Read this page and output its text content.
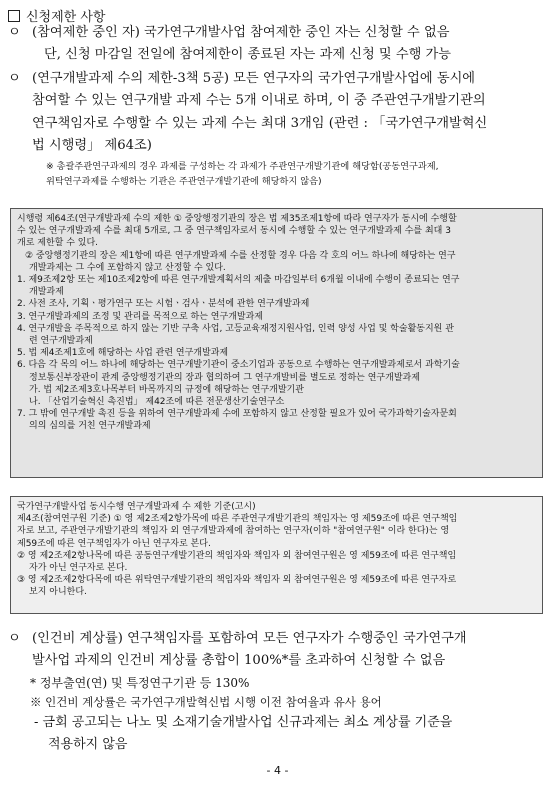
신청제한 사항
ㅇ (참여제한 중인 자) 국가연구개발사업 참여제한 중인 자는 신청할 수 없음

단, 신청 마감일 전일에 참여제한이 종료된 자는 과제 신청 및 수행 가능

ㅇ (연구개발과제 수의 제한-3책 5공) 모든 연구자의 국가연구개발사업에 동시에

참여할 수 있는 연구개발 과제 수는 5개 이내로 하며, 이 중 주관연구개발기관의

연구책임자로 수행할 수 있는 과제 수는 최대 3개임 (관련 : 「국가연구개발혁신

법 시행령」 제64조)

※ 총괄주관연구과제의 경우 과제를 구성하는 각 과제가 주관연구개발기관에 해당함(공동연구과제,
위탁연구과제를 수행하는 기관은 주관연구개발기관에 해당하지 않음)

시행령 제64조(연구개발과제 수의 제한 ① 중앙행정기관의 장은 법 제35조제1항에 따라 연구자가 동시에 수행할

수 있는 연구개발과제 수를 최대 5개로, 그 중 연구책임자로서 동시에 수행할 수 있는 연구개발과제 수를 최대 3

개로 제한할 수 있다.

② 중앙행정기관의 장은 제1항에 따른 연구개발과제 수를 산정할 경우 다음 각 호의 어느 하나에 해당하는 연구

개발과제는 그 수에 포함하지 않고 산정할 수 있다.

1. 제9조제2항 또는 제10조제2항에 따른 연구개발계획서의 제출 마감일부터 6개월 이내에 수행이 종료되는 연구

개발과제

2. 사전 조사, 기획ㆍ평가연구 또는 시험ㆍ검사ㆍ분석에 관한 연구개발과제

3. 연구개발과제의 조정 및 관리를 목적으로 하는 연구개발과제

4. 연구개발을 주목적으로 하지 않는 기반 구축 사업, 고등교육재정지원사업, 인력 양성 사업 및 학술활동지원 관

련 연구개발과제

5. 법 제4조제1호에 해당하는 사업 관련 연구개발과제

6. 다음 각 목의 어느 하나에 해당하는 연구개발기관이 중소기업과 공동으로 수행하는 연구개발과제로서 과학기술

정보통신부장관이 관계 중앙행정기관의 장과 협의하여 그 연구개발비를 별도로 정하는 연구개발과제

가. 법 제2조제3호나목부터 바목까지의 규정에 해당하는 연구개발기관

나. 「산업기술혁신 촉진법」 제42조에 따른 전문생산기술연구소

7. 그 밖에 연구개발 촉진 등을 위하여 연구개발과제 수에 포함하지 않고 산정할 필요가 있어 국가과학기술자문회

의의 심의를 거친 연구개발과제

국가연구개발사업 동시수행 연구개발과제 수 제한 기준(고시)

제4조(참여연구원 기준) ① 영 제2조제2항가목에 따른 주관연구개발기관의 책임자는 영 제59조에 따른 연구책임

자로 보고, 주관연구개발기관의 책임자 외 연구개발과제에 참여하는 연구자(이하 "참여연구원" 이라 한다)는 영

제59조에 따른 연구책임자가 아닌 연구자로 본다.

② 영 제2조제2항나목에 따른 공동연구개발기관의 책임자와 책임자 외 참여연구원은 영 제59조에 따른 연구책임

자가 아닌 연구자로 본다.

③ 영 제2조제2항다목에 따른 위탁연구개발기관의 책임자와 책임자 외 참여연구원은 영 제59조에 따른 연구자로

보지 아니한다.

ㅇ (인건비 계상률) 연구책임자를 포함하여 모든 연구자가 수행중인 국가연구개

발사업 과제의 인건비 계상률 총합이 100%*를 초과하여 신청할 수 없음

* 정부출연(연) 및 특정연구기관 등 130%
※ 인건비 계상률은 국가연구개발혁신법 시행 이전 참여율과 유사 용어

- 금회 공고되는 나노 및 소재기술개발사업 신규과제는 최소 계상률 기준을

적용하지 않음

- 4 -
